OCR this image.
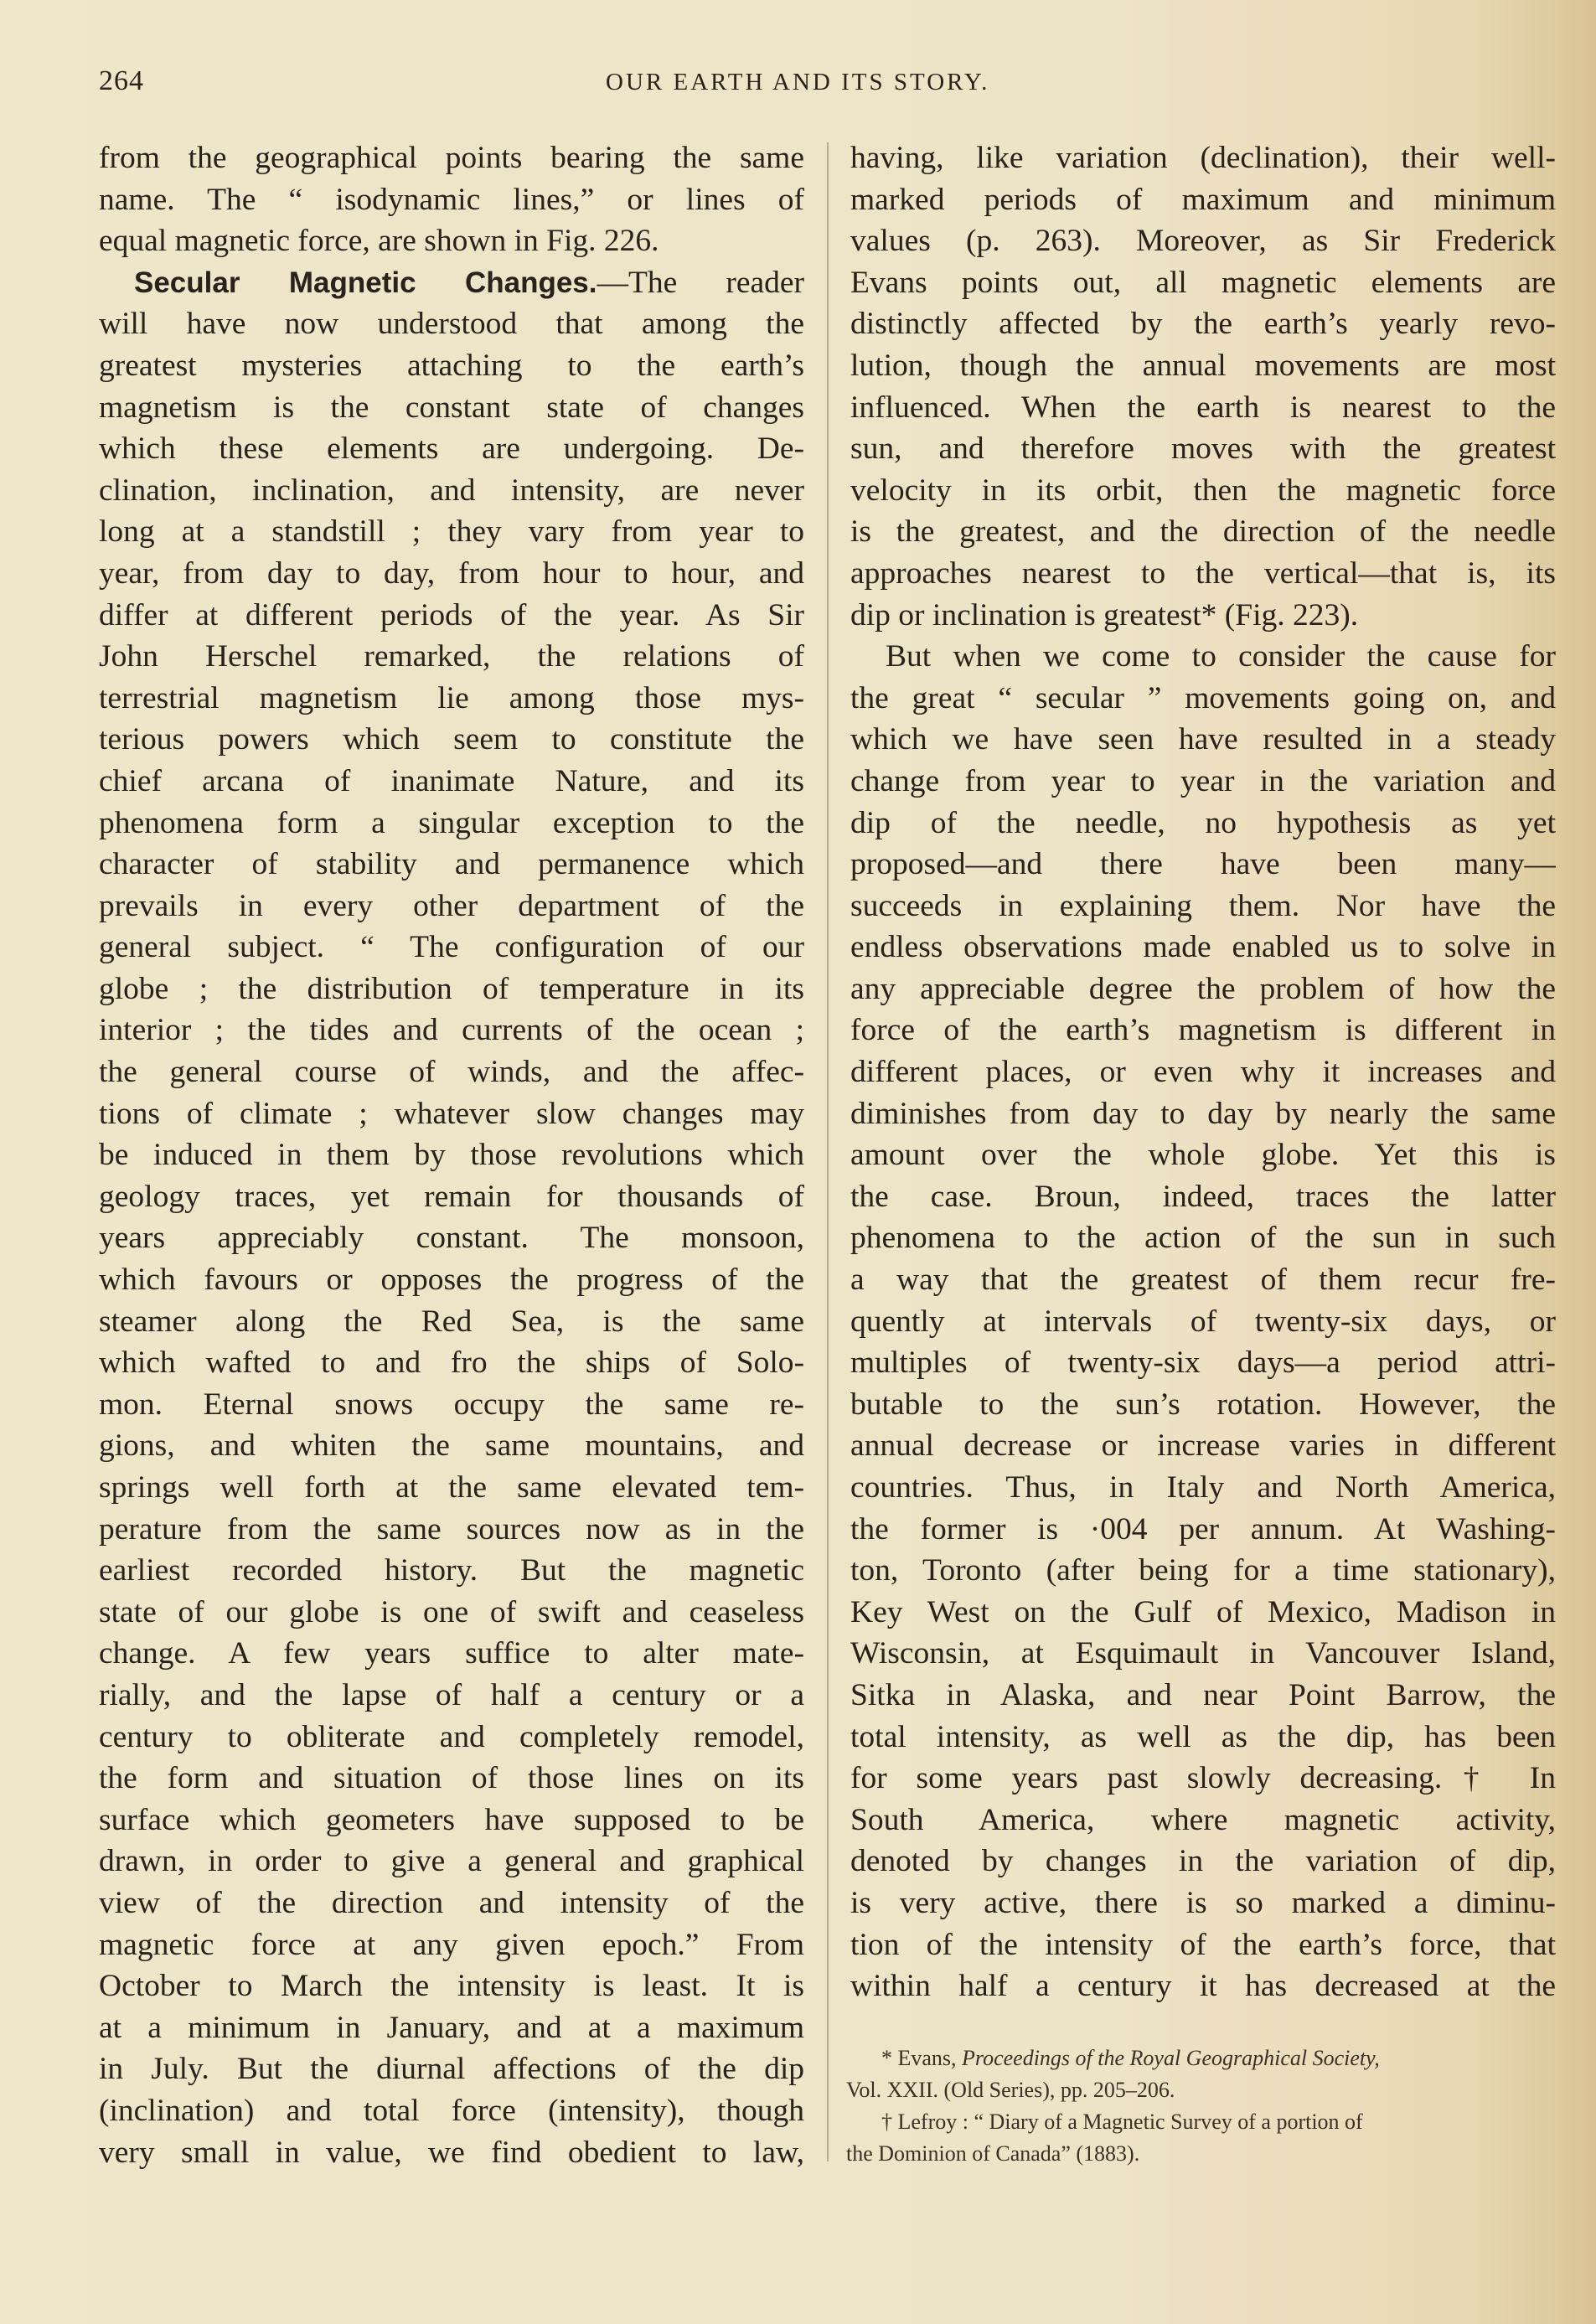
264	OUR EARTH AND ITS STORY.
from the geographical points bearing the same
name. The “ isodynamic lines,” or lines of
equal magnetic force, are shown in Fig. 226.
Secular Magnetic Changes.—The reader
will have now understood that among the
greatest mysteries attaching to the earth’s
magnetism is the constant state of changes
which these elements are undergoing. De-
clination, inclination, and intensity, are never
long at a standstill ; they vary from year to
year, from day to day, from hour to hour, and
differ at different periods of the year. As Sir
John Herschel remarked, the relations of
terrestrial magnetism lie among those mys-
terious powers which seem to constitute the
chief arcana of inanimate Nature, and its
phenomena form a singular exception to the
character of stability and permanence which
prevails in every other department of the
general subject. “ The configuration of our
globe ; the distribution of temperature in its
interior ; the tides and currents of the ocean ;
the general course of winds, and the affec-
tions of climate ; whatever slow changes may
be induced in them by those revolutions which
geology traces, yet remain for thousands of
years appreciably constant. The monsoon,
which favours or opposes the progress of the
steamer along the Red Sea, is the same
which wafted to and fro the ships of Solo-
mon. Eternal snows occupy the same re-
gions, and whiten the same mountains, and
springs well forth at the same elevated tem-
perature from the same sources now as in the
earliest recorded history. But the magnetic
state of our globe is one of swift and ceaseless
change. A few years suffice to alter mate-
rially, and the lapse of half a century or a
century to obliterate and completely remodel,
the form and situation of those lines on its
surface which geometers have supposed to be
drawn, in order to give a general and graphical
view of the direction and intensity of the
magnetic force at any given epoch.” From
October to March the intensity is least. It is
at a minimum in January, and at a maximum
in July. But the diurnal affections of the dip
(inclination) and total force (intensity), though
very small in value, we find obedient to law,
having, like variation (declination), their well-
marked periods of maximum and minimum
values (p. 263). Moreover, as Sir Frederick
Evans points out, all magnetic elements are
distinctly affected by the earth’s yearly revo-
lution, though the annual movements are most
influenced. When the earth is nearest to the
sun, and therefore moves with the greatest
velocity in its orbit, then the magnetic force
is the greatest, and the direction of the needle
approaches nearest to the vertical—that is, its
dip or inclination is greatest* (Fig. 223).
But when we come to consider the cause for
the great “ secular ” movements going on, and
which we have seen have resulted in a steady
change from year to year in the variation and
dip of the needle, no hypothesis as yet
proposed—and there have been many—
succeeds in explaining them. Nor have the
endless observations made enabled us to solve in
any appreciable degree the problem of how the
force of the earth’s magnetism is different in
different places, or even why it increases and
diminishes from day to day by nearly the same
amount over the whole globe. Yet this is
the case. Broun, indeed, traces the latter
phenomena to the action of the sun in such
a way that the greatest of them recur fre-
quently at intervals of twenty-six days, or
multiples of twenty-six days—a period attri-
butable to the sun’s rotation. However, the
annual decrease or increase varies in different
countries. Thus, in Italy and North America,
the former is ·004 per annum. At Washing-
ton, Toronto (after being for a time stationary),
Key West on the Gulf of Mexico, Madison in
Wisconsin, at Esquimault in Vancouver Island,
Sitka in Alaska, and near Point Barrow, the
total intensity, as well as the dip, has been
for some years past slowly decreasing.† In
South America, where magnetic activity,
denoted by changes in the variation of dip,
is very active, there is so marked a diminu-
tion of the intensity of the earth’s force, that
within half a century it has decreased at the
* Evans, Proceedings of the Royal Geographical Society,
Vol. XXII. (Old Series), pp. 205–206.
† Lefroy : “ Diary of a Magnetic Survey of a portion of
the Dominion of Canada” (1883).
